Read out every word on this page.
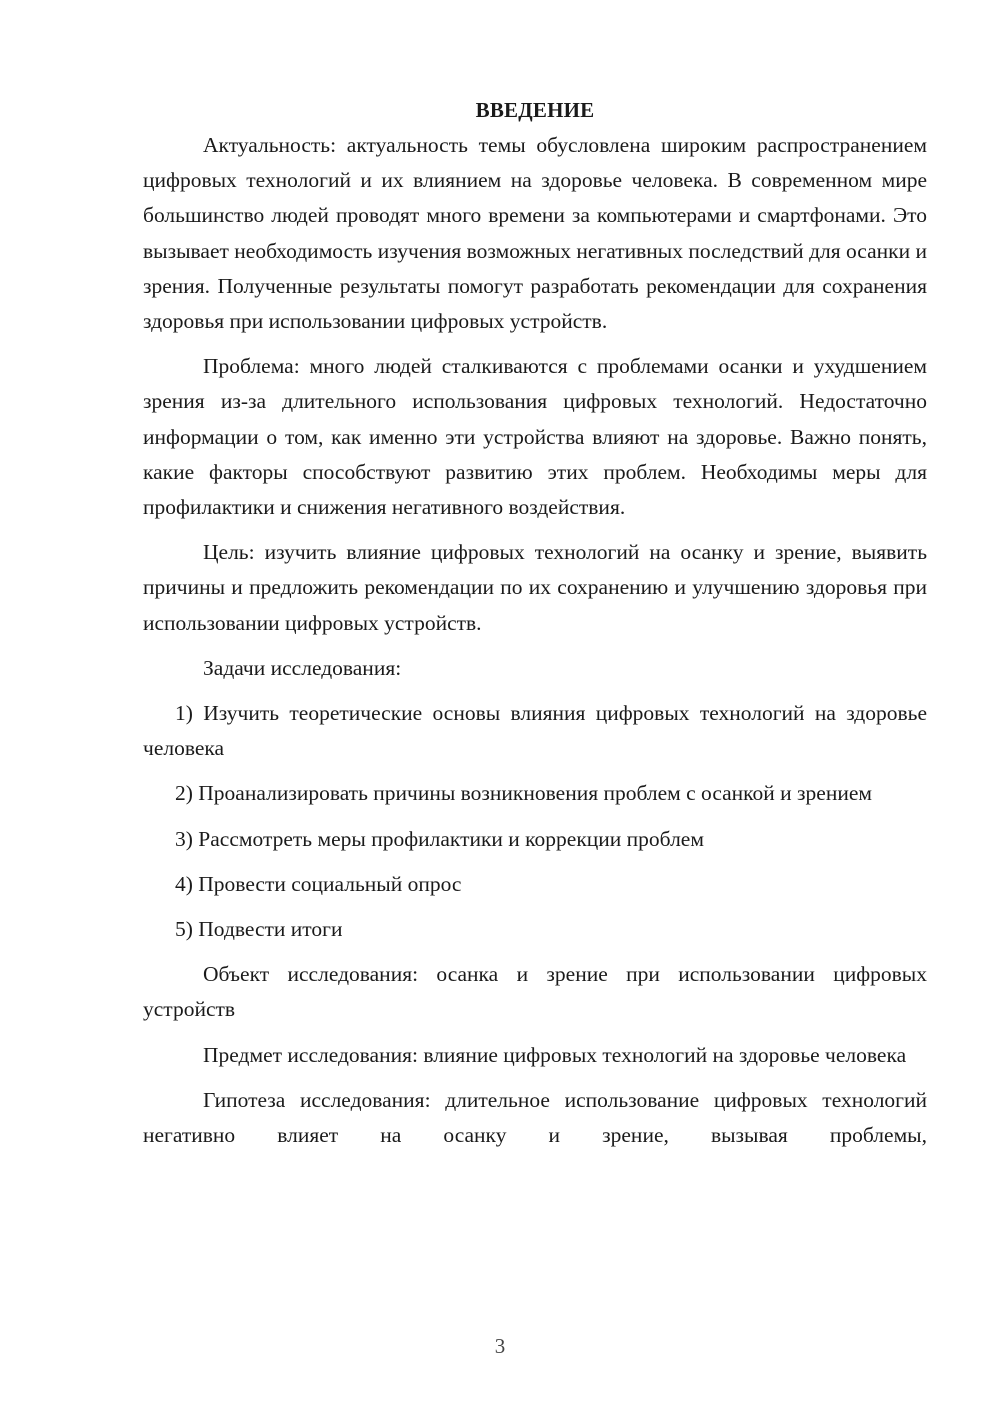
ВВЕДЕНИЕ

Актуальность: актуальность темы обусловлена широким распространением цифровых технологий и их влиянием на здоровье человека. В современном мире большинство людей проводят много времени за компьютерами и смартфонами. Это вызывает необходимость изучения возможных негативных последствий для осанки и зрения. Полученные результаты помогут разработать рекомендации для сохранения здоровья при использовании цифровых устройств.

Проблема: много людей сталкиваются с проблемами осанки и ухудшением зрения из-за длительного использования цифровых технологий. Недостаточно информации о том, как именно эти устройства влияют на здоровье. Важно понять, какие факторы способствуют развитию этих проблем. Необходимы меры для профилактики и снижения негативного воздействия.

Цель: изучить влияние цифровых технологий на осанку и зрение, выявить причины и предложить рекомендации по их сохранению и улучшению здоровья при использовании цифровых устройств.

Задачи исследования:

1) Изучить теоретические основы влияния цифровых технологий на здоровье человека

2) Проанализировать причины возникновения проблем с осанкой и зрением

3) Рассмотреть меры профилактики и коррекции проблем

4) Провести социальный опрос

5) Подвести итоги

Объект исследования: осанка и зрение при использовании цифровых устройств

Предмет исследования: влияние цифровых технологий на здоровье человека

Гипотеза исследования: длительное использование цифровых технологий негативно влияет на осанку и зрение, вызывая проблемы,

3
